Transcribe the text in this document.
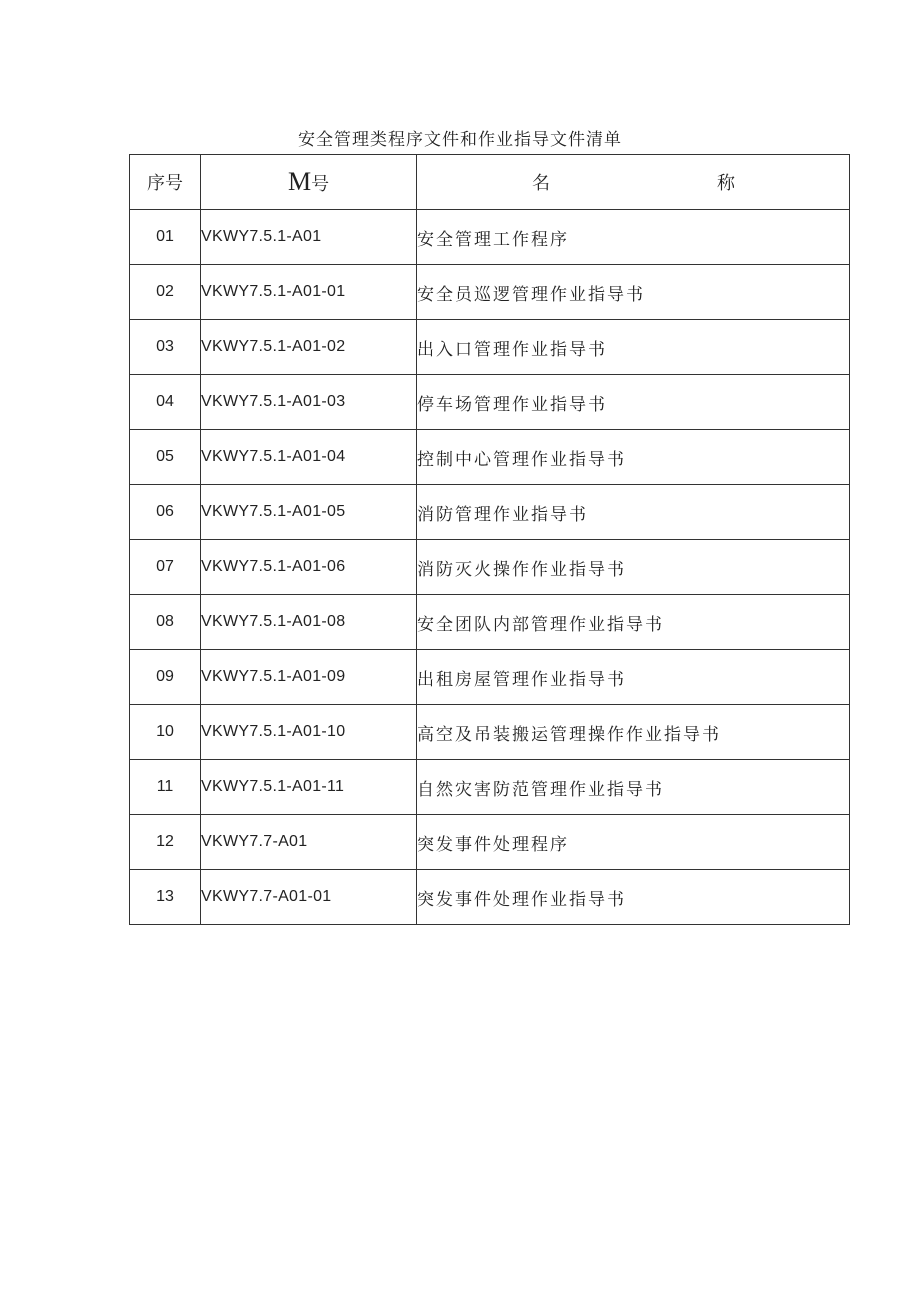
安全管理类程序文件和作业指导文件清单
序号	M号	名 称

01	VKWY7.5.1-A01	安全管理工作程序
02	VKWY7.5.1-A01-01	安全员巡逻管理作业指导书
03	VKWY7.5.1-A01-02	出入口管理作业指导书
04	VKWY7.5.1-A01-03	停车场管理作业指导书
05	VKWY7.5.1-A01-04	控制中心管理作业指导书
06	VKWY7.5.1-A01-05	消防管理作业指导书
07	VKWY7.5.1-A01-06	消防灭火操作作业指导书
08	VKWY7.5.1-A01-08	安全团队内部管理作业指导书
09	VKWY7.5.1-A01-09	出租房屋管理作业指导书
10	VKWY7.5.1-A01-10	高空及吊装搬运管理操作作业指导书
11	VKWY7.5.1-A01-11	自然灾害防范管理作业指导书
12	VKWY7.7-A01	突发事件处理程序
13	VKWY7.7-A01-01	突发事件处理作业指导书
